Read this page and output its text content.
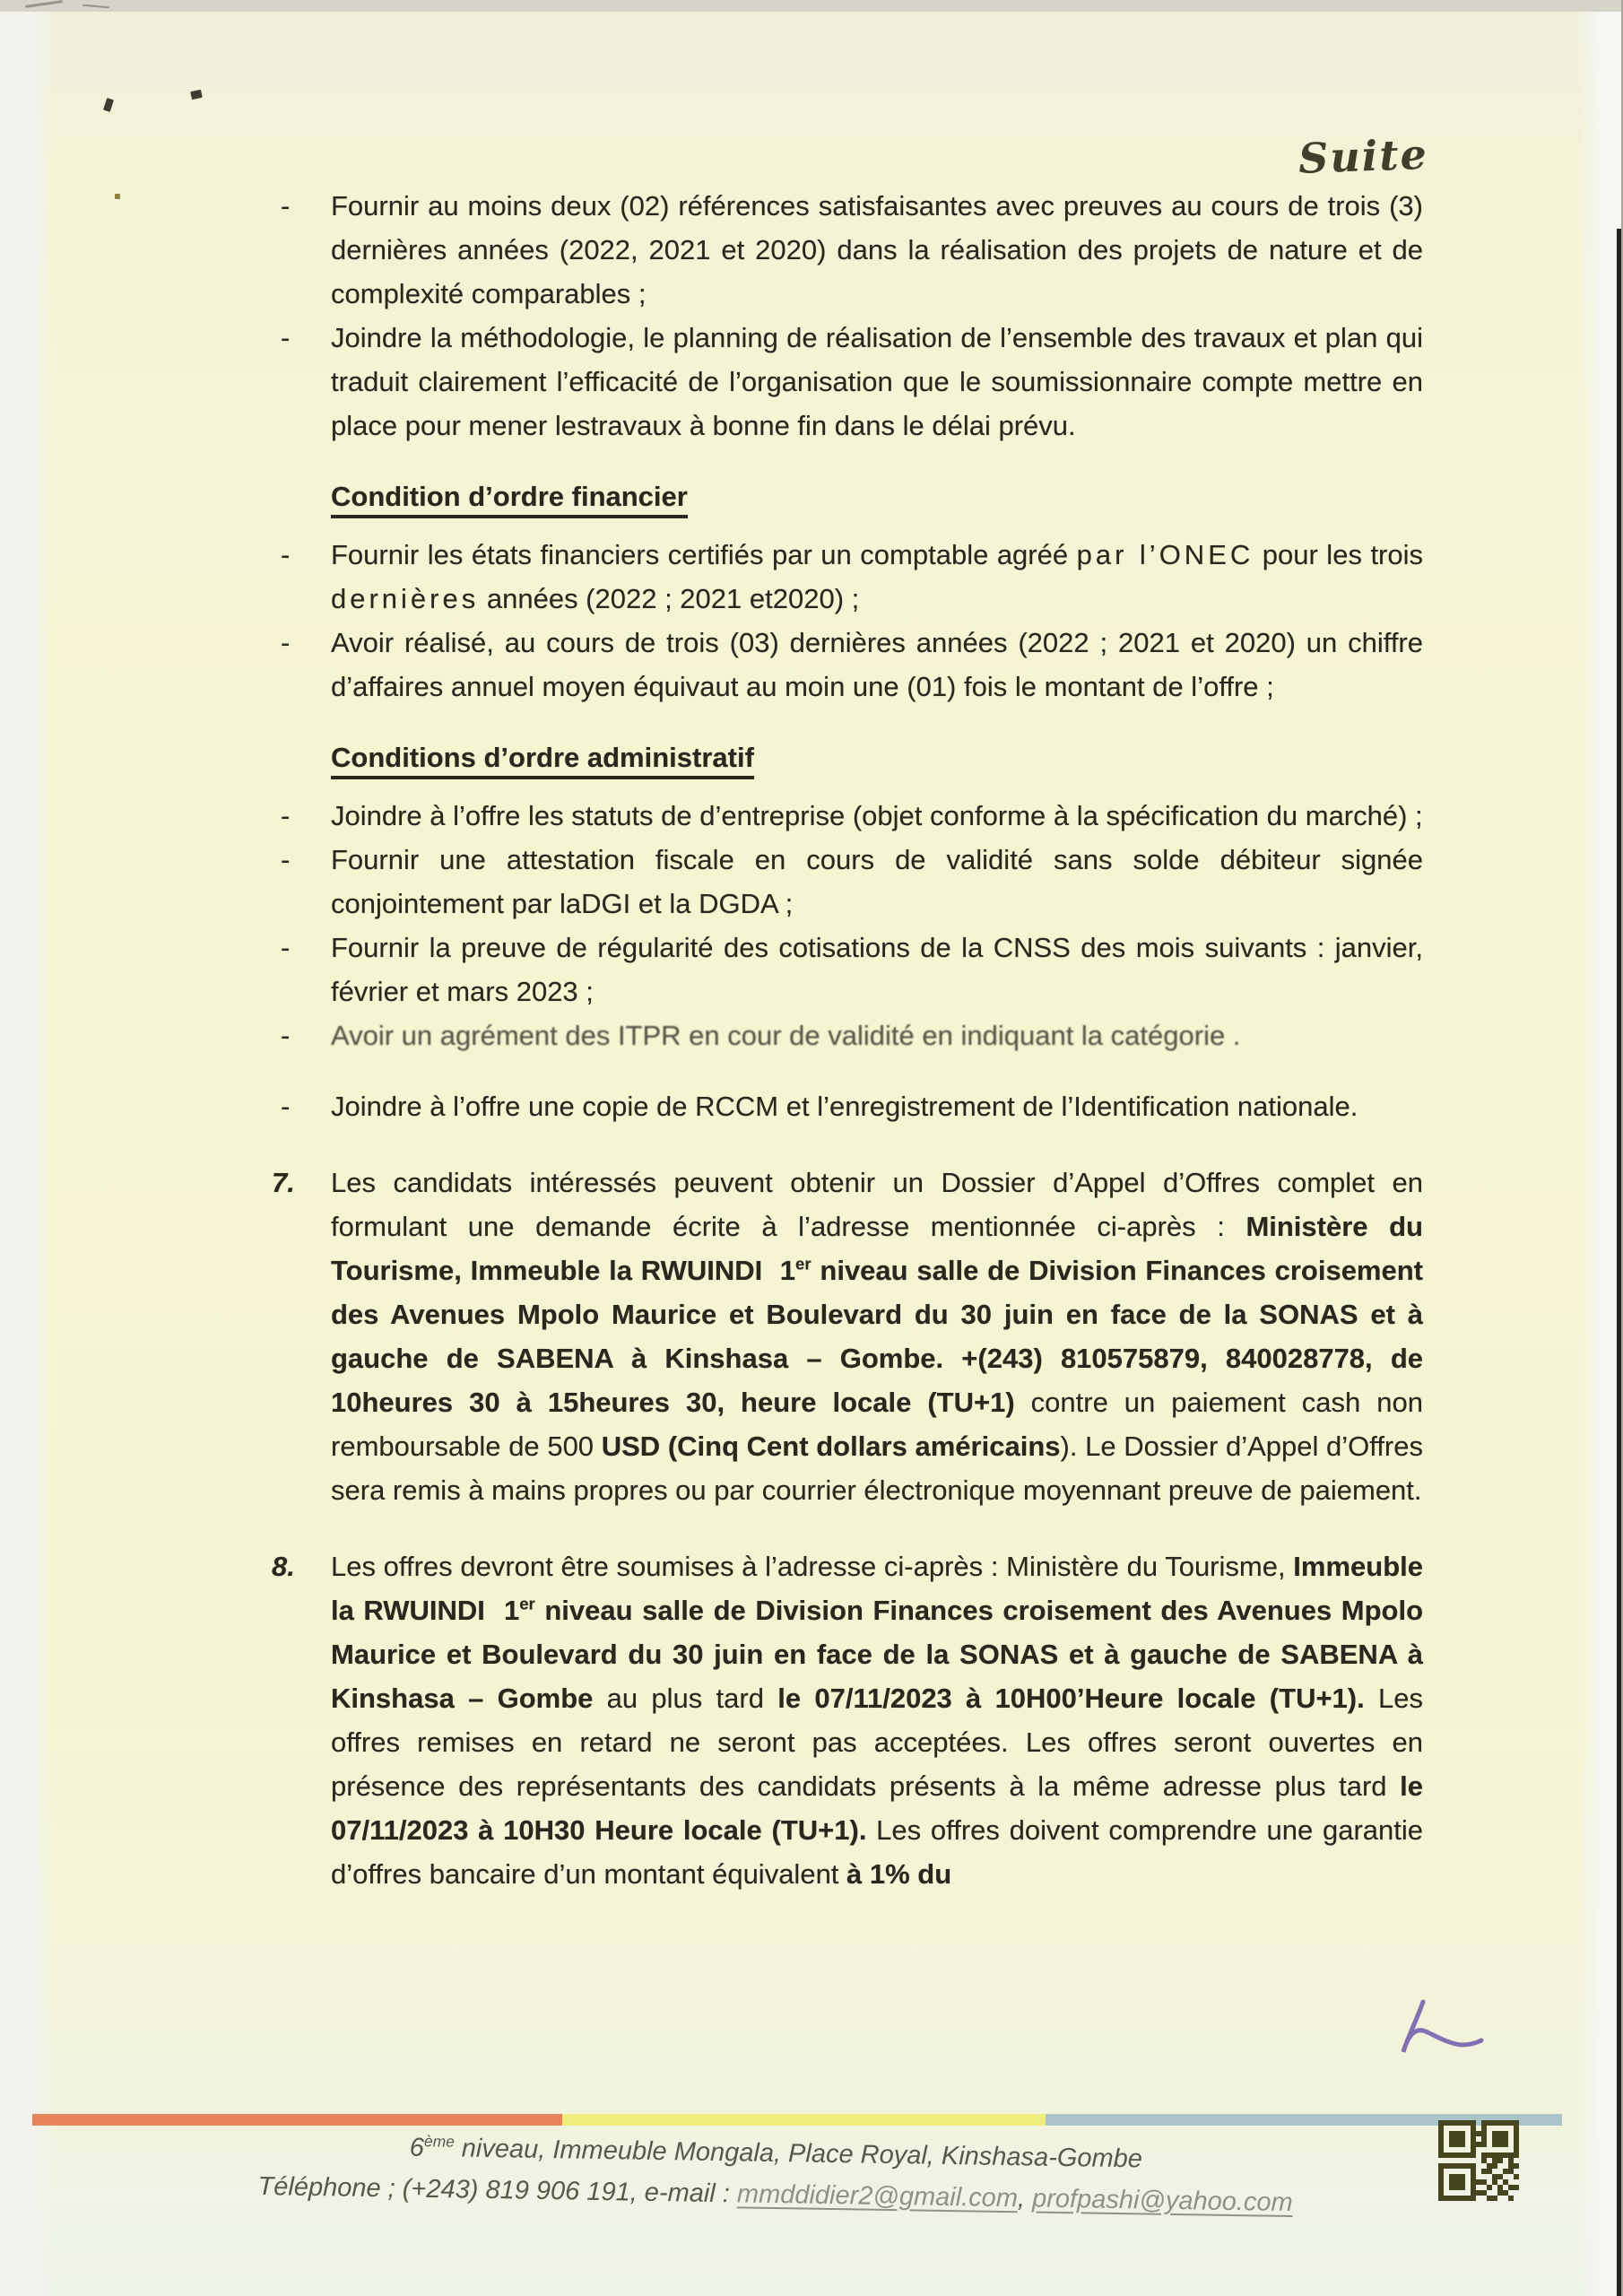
Suite
-	Fournir au moins deux (02) références satisfaisantes avec preuves au cours de trois (3) dernières années (2022, 2021 et 2020) dans la réalisation des projets de nature et de complexité comparables ;
-	Joindre la méthodologie, le planning de réalisation de l’ensemble des travaux et plan qui traduit clairement l’efficacité de l’organisation que le soumissionnaire compte mettre en place pour mener lestravaux à bonne fin dans le délai prévu.
Condition d’ordre financier
-	Fournir les états financiers certifiés par un comptable agréé par l’ONEC pour les trois dernières années (2022 ; 2021 et2020) ;
-	Avoir réalisé, au cours de trois (03) dernières années (2022 ; 2021 et 2020) un chiffre d’affaires annuel moyen équivaut au moin une (01) fois le montant de l’offre ;
Conditions d’ordre administratif
-	Joindre à l’offre les statuts de d’entreprise (objet conforme à la spécification du marché) ;
-	Fournir une attestation fiscale en cours de validité sans solde débiteur signée conjointement par laDGI et la DGDA ;
-	Fournir la preuve de régularité des cotisations de la CNSS des mois suivants : janvier, février et mars 2023 ;
-	Avoir un agrément des ITPR en cour de validité en indiquant la catégorie .
-	Joindre à l’offre une copie de RCCM et l’enregistrement de l’Identification nationale.
7.	Les candidats intéressés peuvent obtenir un Dossier d’Appel d’Offres complet en formulant une demande écrite à l’adresse mentionnée ci-après : Ministère du Tourisme, Immeuble la RWUINDI  1er niveau salle de Division Finances croisement des Avenues Mpolo Maurice et Boulevard du 30 juin en face de la SONAS et à gauche de SABENA à Kinshasa – Gombe. +(243) 810575879, 840028778, de 10heures 30 à 15heures 30, heure locale (TU+1) contre un paiement cash non remboursable de 500 USD (Cinq Cent dollars américains). Le Dossier d’Appel d’Offres sera remis à mains propres ou par courrier électronique moyennant preuve de paiement.
8.	Les offres devront être soumises à l’adresse ci-après : Ministère du Tourisme, Immeuble la RWUINDI  1er niveau salle de Division Finances croisement des Avenues Mpolo Maurice et Boulevard du 30 juin en face de la SONAS et à gauche de SABENA à Kinshasa – Gombe au plus tard le 07/11/2023 à 10H00’Heure locale (TU+1). Les offres remises en retard ne seront pas acceptées. Les offres seront ouvertes en présence des représentants des candidats présents à la même adresse plus tard le 07/11/2023 à 10H30 Heure locale (TU+1). Les offres doivent comprendre une garantie d’offres bancaire d’un montant équivalent à 1% du
6ème niveau, Immeuble Mongala, Place Royal, Kinshasa-Gombe
Téléphone ; (+243) 819 906 191, e-mail : mmddidier2@gmail.com, profpashi@yahoo.com
